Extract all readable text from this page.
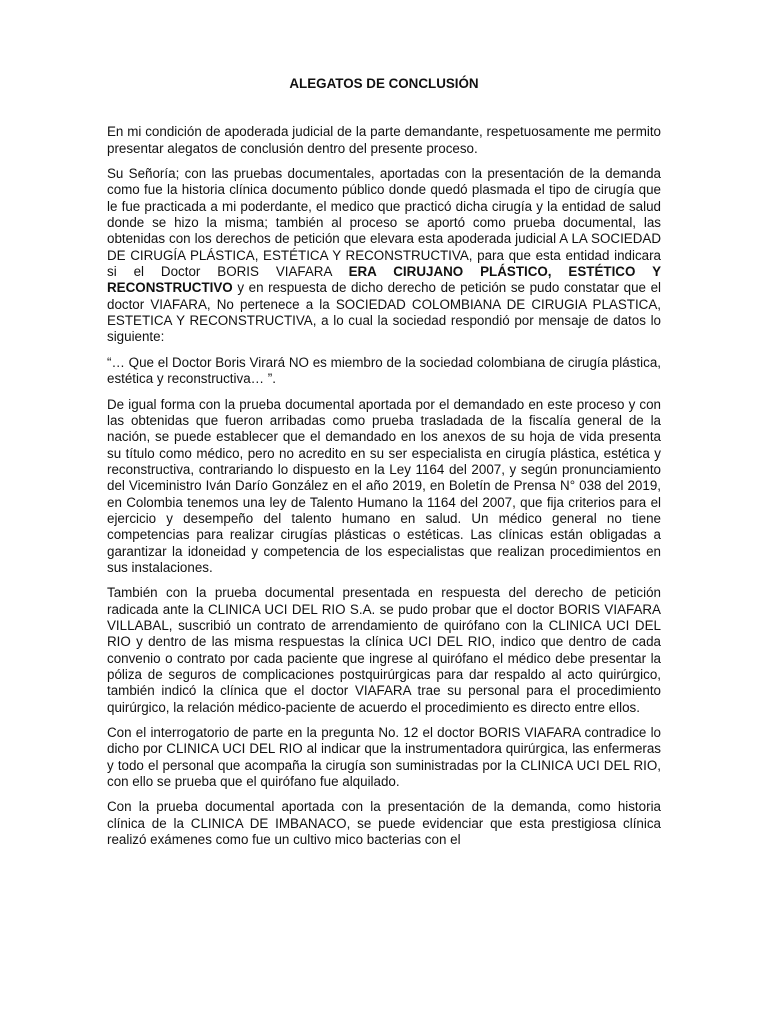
ALEGATOS DE CONCLUSIÓN

En mi condición de apoderada judicial de la parte demandante, respetuosamente me permito presentar alegatos de conclusión dentro del presente proceso.

Su Señoría; con las pruebas documentales, aportadas con la presentación de la demanda como fue la historia clínica documento público donde quedó plasmada el tipo de cirugía que le fue practicada a mi poderdante, el medico que practicó dicha cirugía y la entidad de salud donde se hizo la misma; también al proceso se aportó como prueba documental, las obtenidas con los derechos de petición que elevara esta apoderada judicial A LA SOCIEDAD DE CIRUGÍA PLÁSTICA, ESTÉTICA Y RECONSTRUCTIVA, para que esta entidad indicara si el Doctor BORIS VIAFARA ERA CIRUJANO PLÁSTICO, ESTÉTICO Y RECONSTRUCTIVO y en respuesta de dicho derecho de petición se pudo constatar que el doctor VIAFARA, No pertenece a la SOCIEDAD COLOMBIANA DE CIRUGIA PLASTICA, ESTETICA Y RECONSTRUCTIVA, a lo cual la sociedad respondió por mensaje de datos lo siguiente:

“… Que el Doctor Boris Virará NO es miembro de la sociedad colombiana de cirugía plástica, estética y reconstructiva… ”.

De igual forma con la prueba documental aportada por el demandado en este proceso y con las obtenidas que fueron arribadas como prueba trasladada de la fiscalía general de la nación, se puede establecer que el demandado en los anexos de su hoja de vida presenta su título como médico, pero no acredito en su ser especialista en cirugía plástica, estética y reconstructiva, contrariando lo dispuesto en la Ley 1164 del 2007, y según pronunciamiento del Viceministro Iván Darío González en el año 2019, en Boletín de Prensa N° 038 del 2019, en Colombia tenemos una ley de Talento Humano la 1164 del 2007, que fija criterios para el ejercicio y desempeño del talento humano en salud. Un médico general no tiene competencias para realizar cirugías plásticas o estéticas. Las clínicas están obligadas a garantizar la idoneidad y competencia de los especialistas que realizan procedimientos en sus instalaciones.

También con la prueba documental presentada en respuesta del derecho de petición radicada ante la CLINICA UCI DEL RIO S.A. se pudo probar que el doctor BORIS VIAFARA VILLABAL, suscribió un contrato de arrendamiento de quirófano con la CLINICA UCI DEL RIO y dentro de las misma respuestas la clínica UCI DEL RIO, indico que dentro de cada convenio o contrato por cada paciente que ingrese al quirófano el médico debe presentar la póliza de seguros de complicaciones postquirúrgicas para dar respaldo al acto quirúrgico, también indicó la clínica que el doctor VIAFARA trae su personal para el procedimiento quirúrgico, la relación médico-paciente de acuerdo el procedimiento es directo entre ellos.

Con el interrogatorio de parte en la pregunta No. 12 el doctor BORIS VIAFARA contradice lo dicho por CLINICA UCI DEL RIO al indicar que la instrumentadora quirúrgica, las enfermeras y todo el personal que acompaña la cirugía son suministradas por la CLINICA UCI DEL RIO, con ello se prueba que el quirófano fue alquilado.

Con la prueba documental aportada con la presentación de la demanda, como historia clínica de la CLINICA DE IMBANACO, se puede evidenciar que esta prestigiosa clínica realizó exámenes como fue un cultivo mico bacterias con el
